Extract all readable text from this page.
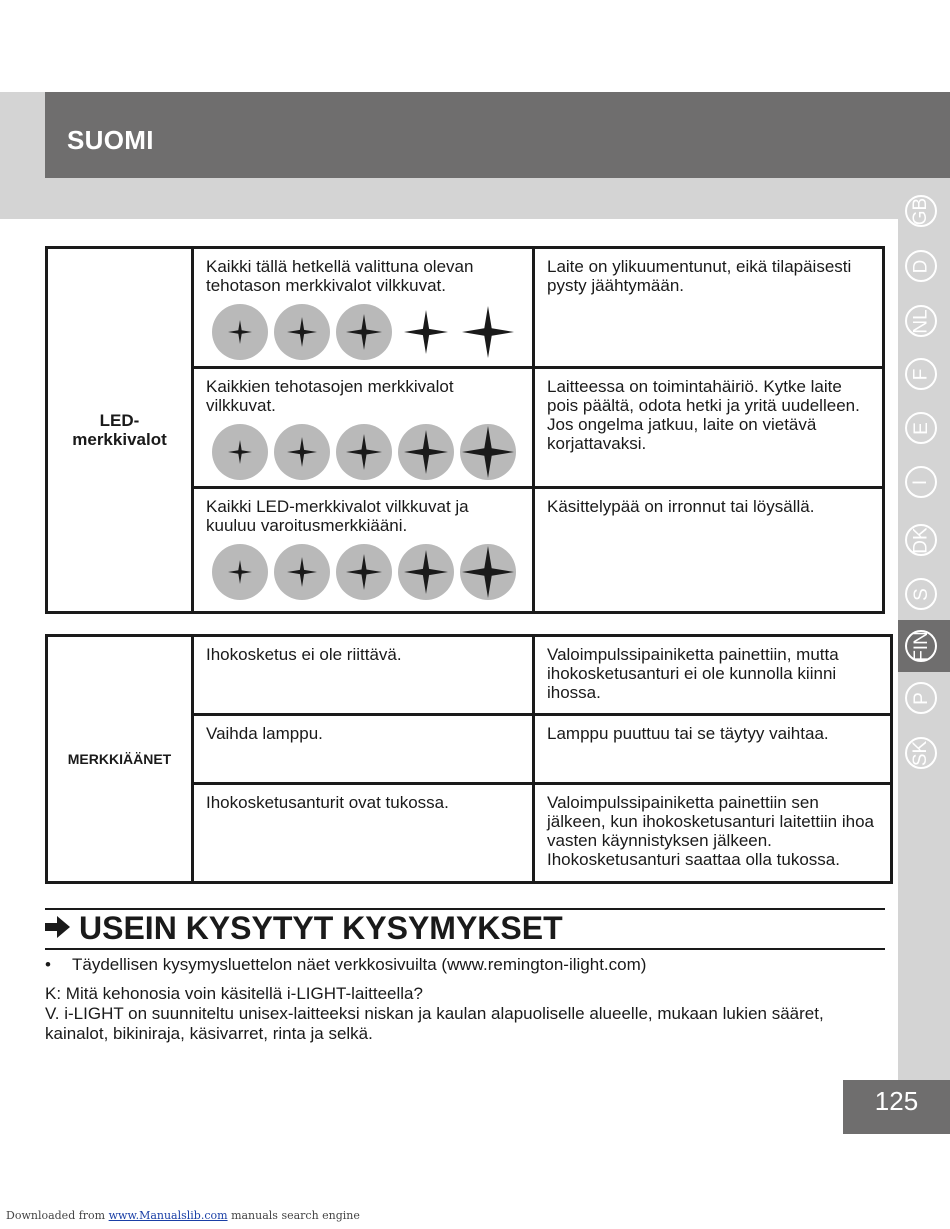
SUOMI
GB
D
NL
F
E
I
DK
S
FIN
P
SK
125
LED-
merkkivalot	Kaikki tällä hetkellä valittuna olevan tehotason merkkivalot vilkkuvat.	Laite on ylikuumentunut, eikä tilapäisesti pysty jäähtymään.

	Kaikkien tehotasojen merkkivalot vilkkuvat.	Laitteessa on toimintahäiriö. Kytke laite pois päältä, odota hetki ja yritä uudelleen. Jos ongelma jatkuu, laite on vietävä korjattavaksi.

	Kaikki LED-merkkivalot vilkkuvat ja kuuluu varoitusmerkkiääni.	Käsittelypää on irronnut tai löysällä.
MERKKIÄÄNET	Ihokosketus ei ole riittävä.	Valoimpulssipainiketta painettiin, mutta ihokosketusanturi ei ole kunnolla kiinni ihossa.
	Vaihda lamppu.	Lamppu puuttuu tai se täytyy vaihtaa.
	Ihokosketusanturit ovat tukossa.	Valoimpulssipainiketta painettiin sen jälkeen, kun ihokosketusanturi laitettiin ihoa vasten käynnistyksen jälkeen. Ihokosketusanturi saattaa olla tukossa.
USEIN KYSYTYT KYSYMYKSET
•	Täydellisen kysymysluettelon näet verkkosivuilta (www.remington-ilight.com)
K: Mitä kehonosia voin käsitellä i-LIGHT-laitteella?
V. i-LIGHT on suunniteltu unisex-laitteeksi niskan ja kaulan alapuoliselle alueelle, mukaan lukien sääret, kainalot, bikiniraja, käsivarret, rinta ja selkä.
Downloaded from www.Manualslib.com manuals search engine
